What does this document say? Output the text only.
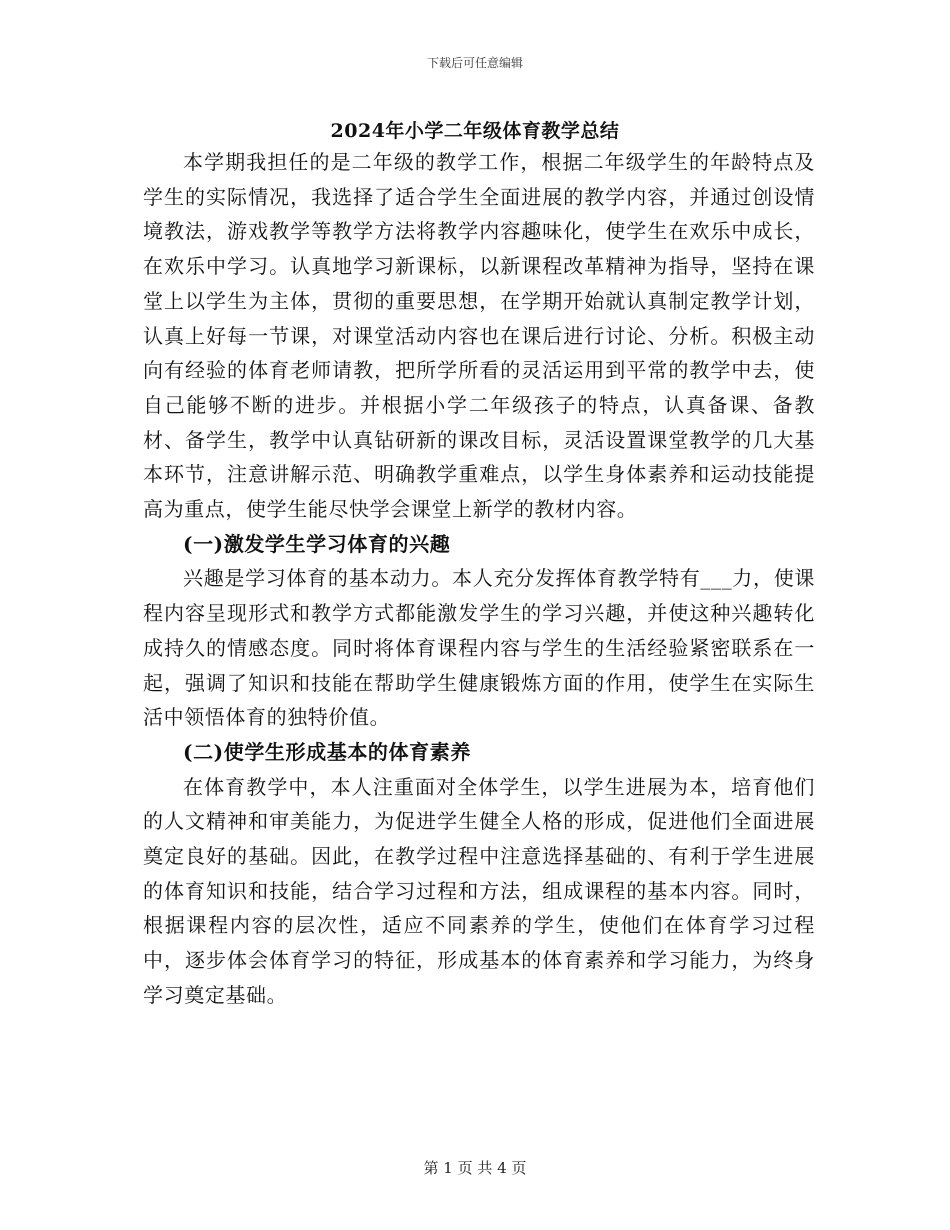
下载后可任意编辑
2024年小学二年级体育教学总结

本学期我担任的是二年级的教学工作，根据二年级学生的年龄特点及学生的实际情况，我选择了适合学生全面进展的教学内容，并通过创设情境教法，游戏教学等教学方法将教学内容趣味化，使学生在欢乐中成长，在欢乐中学习。认真地学习新课标，以新课程改革精神为指导，坚持在课堂上以学生为主体，贯彻的重要思想，在学期开始就认真制定教学计划，认真上好每一节课，对课堂活动内容也在课后进行讨论、分析。积极主动向有经验的体育老师请教，把所学所看的灵活运用到平常的教学中去，使自己能够不断的进步。并根据小学二年级孩子的特点，认真备课、备教材、备学生，教学中认真钻研新的课改目标，灵活设置课堂教学的几大基本环节，注意讲解示范、明确教学重难点，以学生身体素养和运动技能提高为重点，使学生能尽快学会课堂上新学的教材内容。

(一)激发学生学习体育的兴趣

兴趣是学习体育的基本动力。本人充分发挥体育教学特有___力，使课程内容呈现形式和教学方式都能激发学生的学习兴趣，并使这种兴趣转化成持久的情感态度。同时将体育课程内容与学生的生活经验紧密联系在一起，强调了知识和技能在帮助学生健康锻炼方面的作用，使学生在实际生活中领悟体育的独特价值。

(二)使学生形成基本的体育素养

在体育教学中，本人注重面对全体学生，以学生进展为本，培育他们的人文精神和审美能力，为促进学生健全人格的形成，促进他们全面进展奠定良好的基础。因此，在教学过程中注意选择基础的、有利于学生进展的体育知识和技能，结合学习过程和方法，组成课程的基本内容。同时，根据课程内容的层次性，适应不同素养的学生，使他们在体育学习过程中，逐步体会体育学习的特征，形成基本的体育素养和学习能力，为终身学习奠定基础。

第 1 页 共 4 页
